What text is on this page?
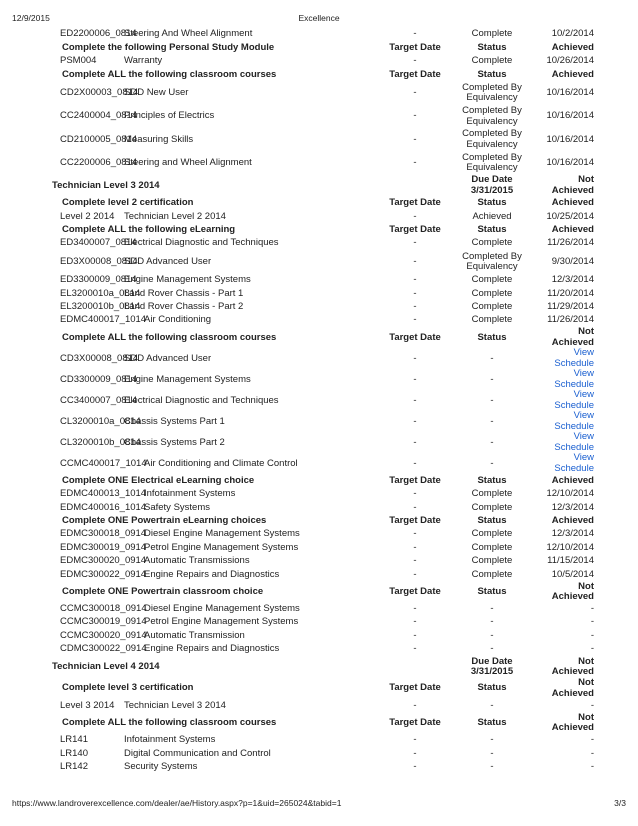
12/9/2015	Excellence
ED2200006_0814Steering And Wheel Alignment	-	Complete	10/2/2014
Complete the following Personal Study Module	Target Date	Status	Achieved
PSM004 Warranty	-	Complete	10/26/2014
Complete ALL the following classroom courses	Target Date	Status	Achieved
CD2X00003_0814SDD New User	-	Completed By Equivalency	10/16/2014
CC2400004_0814Principles of Electrics	-	Completed By Equivalency	10/16/2014
CD2100005_0814Measuring Skills	-	Completed By Equivalency	10/16/2014
CC2200006_0814Steering and Wheel Alignment	-	Completed By Equivalency	10/16/2014
Technician Level 3 2014		Due Date 3/31/2015	Not Achieved
Complete level 2 certification	Target Date	Status	Achieved
Level 2 2014 Technician Level 2 2014	-	Achieved	10/25/2014
Complete ALL the following eLearning	Target Date	Status	Achieved
ED3400007_0814Electrical Diagnostic and Techniques	-	Complete	11/26/2014
ED3X00008_0814SDD Advanced User	-	Completed By Equivalency	9/30/2014
ED3300009_0814Engine Management Systems	-	Complete	12/3/2014
EL3200010a_0814Land Rover Chassis - Part 1	-	Complete	11/20/2014
EL3200010b_0814Land Rover Chassis - Part 2	-	Complete	11/29/2014
EDMC400017_1014Air Conditioning	-	Complete	11/26/2014
Complete ALL the following classroom courses	Target Date	Status	Not Achieved
CD3X00008_0814SDD Advanced User	-	-	View Schedule
CD3300009_0814Engine Management Systems	-	-	View Schedule
CC3400007_0814Electrical Diagnostic and Techniques	-	-	View Schedule
CL3200010a_0814Chassis Systems Part 1	-	-	View Schedule
CL3200010b_0814Chassis Systems Part 2	-	-	View Schedule
CCMC400017_1014Air Conditioning and Climate Control	-	-	View Schedule
Complete ONE Electrical eLearning choice	Target Date	Status	Achieved
EDMC400013_1014Infotainment Systems	-	Complete	12/10/2014
EDMC400016_1014Safety Systems	-	Complete	12/3/2014
Complete ONE Powertrain eLearning choices	Target Date	Status	Achieved
EDMC300018_0914Diesel Engine Management Systems	-	Complete	12/3/2014
EDMC300019_0914Petrol Engine Management Systems	-	Complete	12/10/2014
EDMC300020_0914Automatic Transmissions	-	Complete	11/15/2014
EDMC300022_0914Engine Repairs and Diagnostics	-	Complete	10/5/2014
Complete ONE Powertrain classroom choice	Target Date	Status	Not Achieved
CCMC300018_0914Diesel Engine Management Systems	-	-	-
CCMC300019_0914Petrol Engine Management Systems	-	-	-
CCMC300020_0914Automatic Transmission	-	-	-
CDMC300022_0914Engine Repairs and Diagnostics	-	-	-
Technician Level 4 2014		Due Date 3/31/2015	Not Achieved
Complete level 3 certification	Target Date	Status	Not Achieved
Level 3 2014 Technician Level 3 2014	-	-	-
Complete ALL the following classroom courses	Target Date	Status	Not Achieved
LR141 Infotainment Systems	-	-	-
LR140 Digital Communication and Control	-	-	-
LR142 Security Systems	-	-	-
https://www.landroverexcellence.com/dealer/ae/History.aspx?p=1&uid=265024&tabid=1	3/3
